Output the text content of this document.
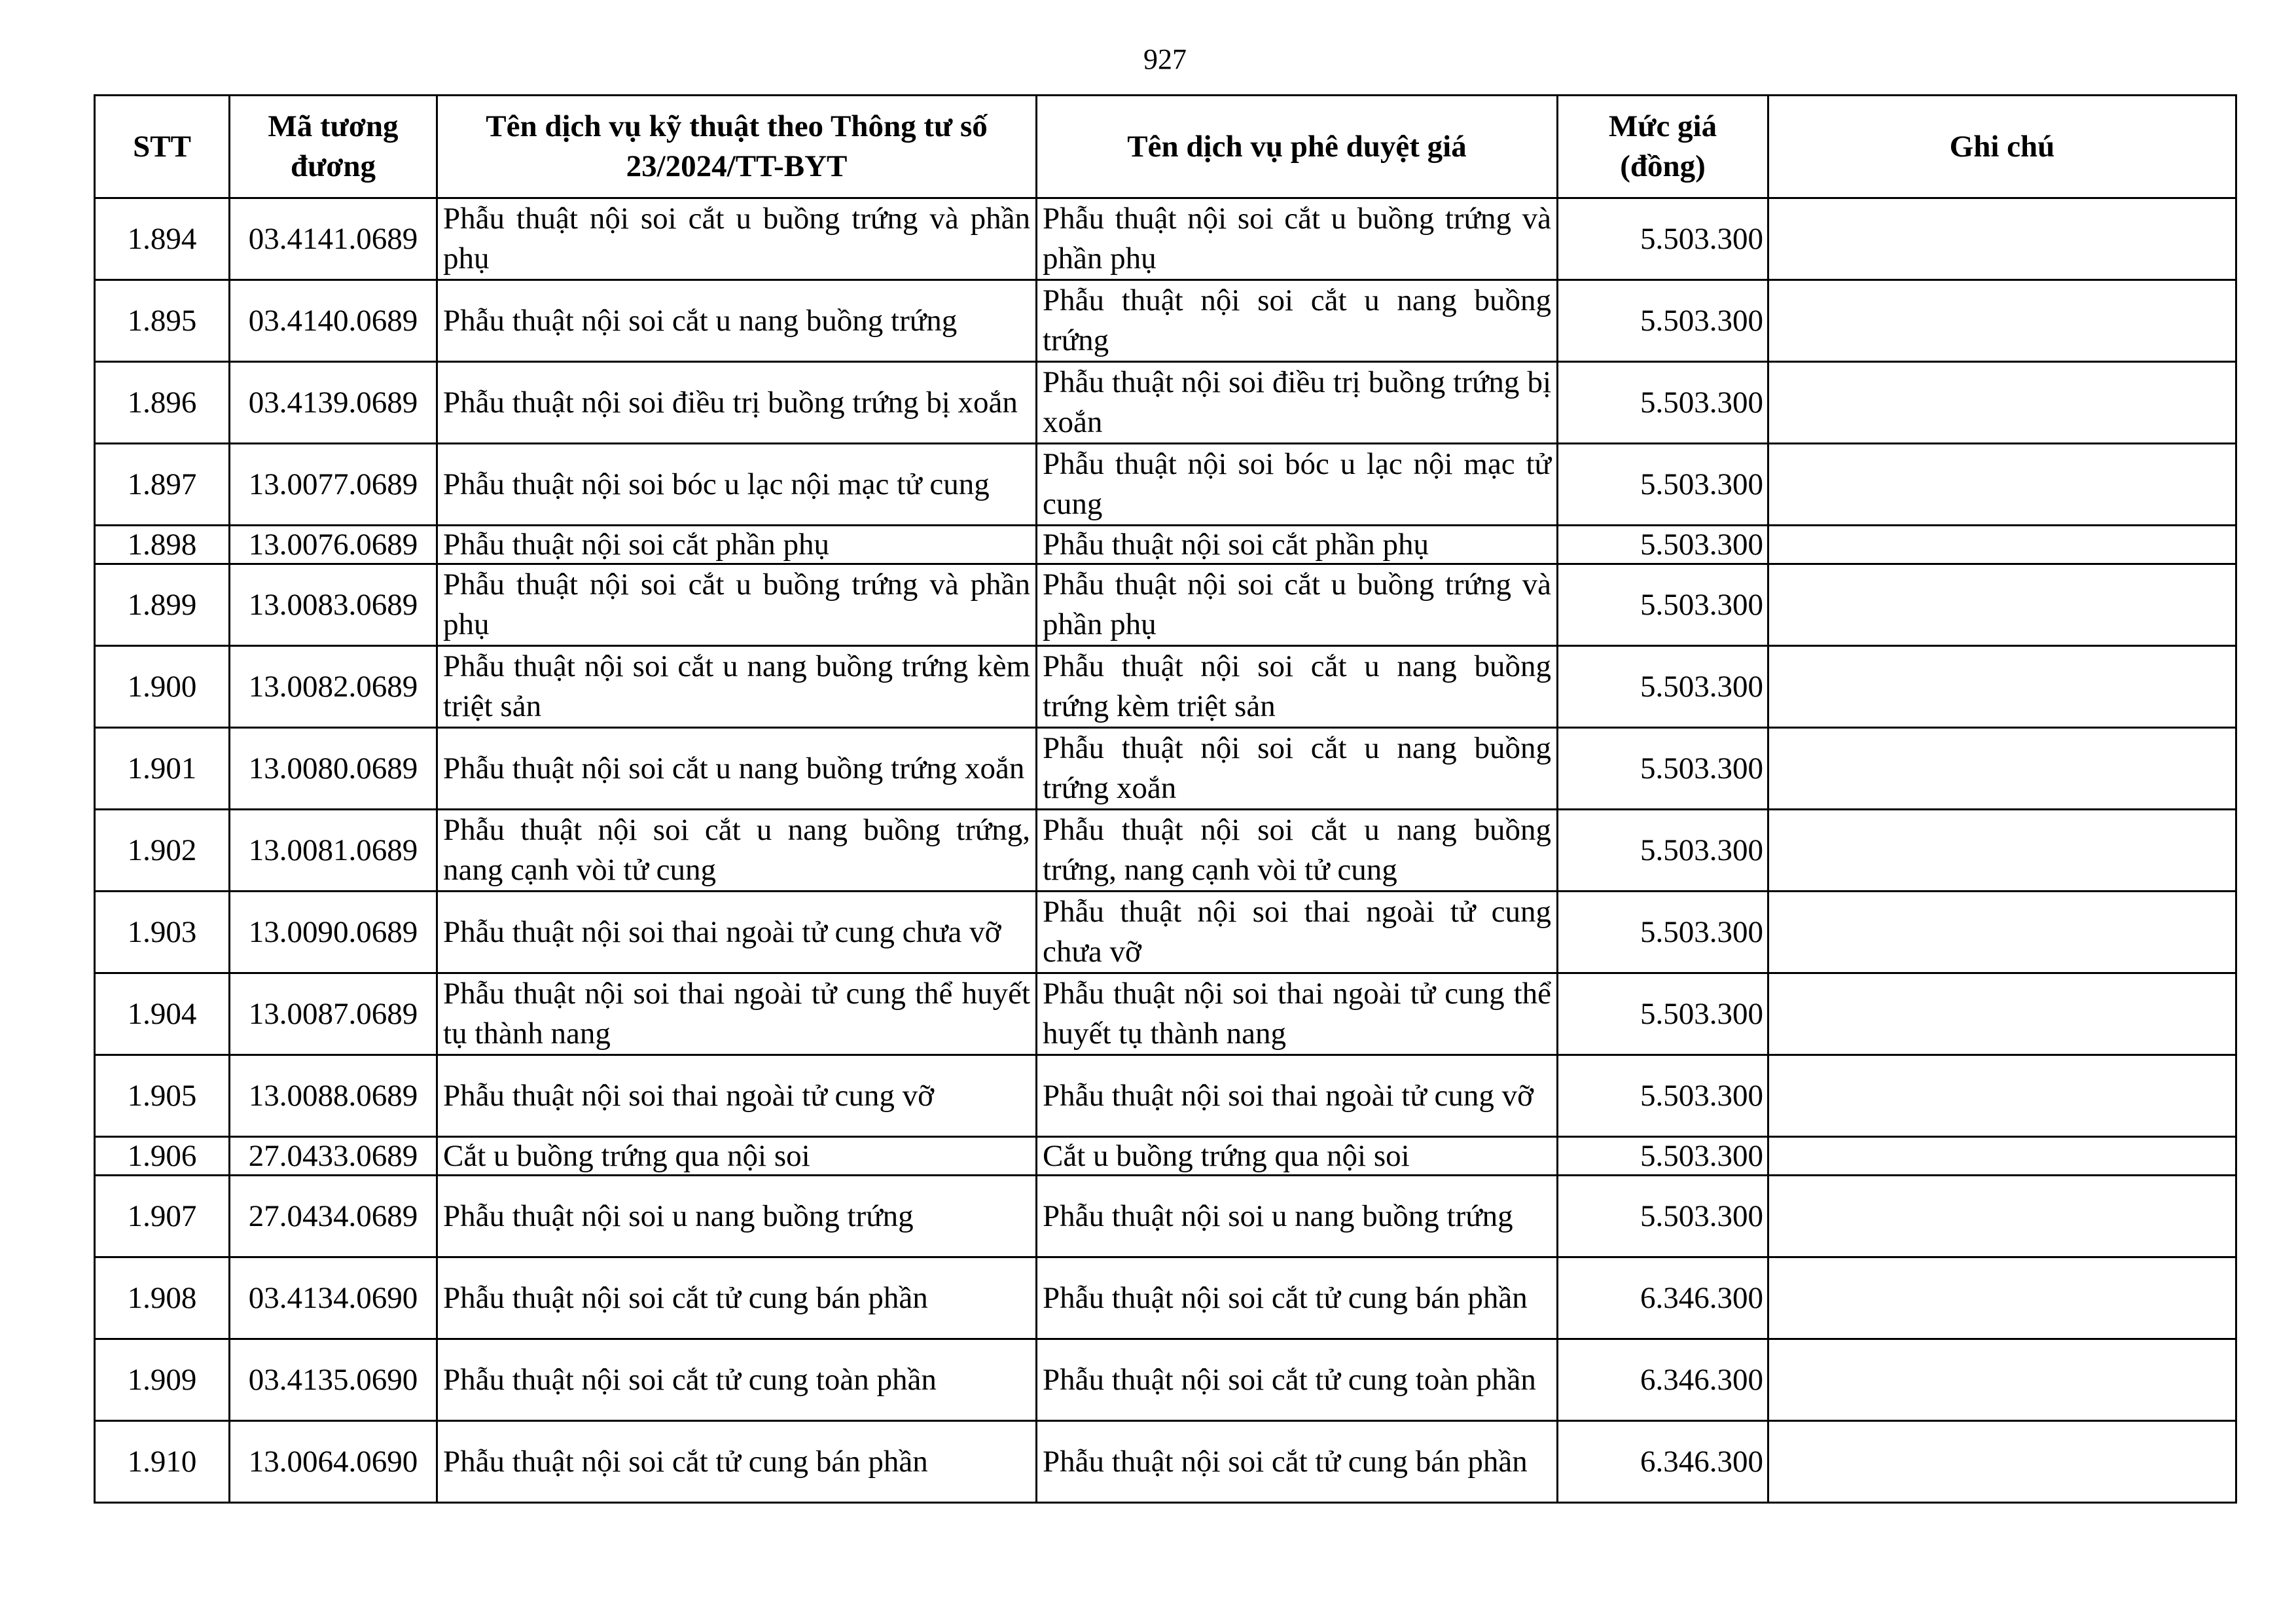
927
STT	Mã tương đương	Tên dịch vụ kỹ thuật theo Thông tư số 23/2024/TT-BYT	Tên dịch vụ phê duyệt giá	Mức giá (đồng)	Ghi chú
1.894	03.4141.0689	Phẫu thuật nội soi cắt u buồng trứng và phần phụ	Phẫu thuật nội soi cắt u buồng trứng và phần phụ	5.503.300	
1.895	03.4140.0689	Phẫu thuật nội soi cắt u nang buồng trứng	Phẫu thuật nội soi cắt u nang buồng trứng	5.503.300	
1.896	03.4139.0689	Phẫu thuật nội soi điều trị buồng trứng bị xoắn	Phẫu thuật nội soi điều trị buồng trứng bị xoắn	5.503.300	
1.897	13.0077.0689	Phẫu thuật nội soi bóc u lạc nội mạc tử cung	Phẫu thuật nội soi bóc u lạc nội mạc tử cung	5.503.300	
1.898	13.0076.0689	Phẫu thuật nội soi cắt phần phụ	Phẫu thuật nội soi cắt phần phụ	5.503.300	
1.899	13.0083.0689	Phẫu thuật nội soi cắt u buồng trứng và phần phụ	Phẫu thuật nội soi cắt u buồng trứng và phần phụ	5.503.300	
1.900	13.0082.0689	Phẫu thuật nội soi cắt u nang buồng trứng kèm triệt sản	Phẫu thuật nội soi cắt u nang buồng trứng kèm triệt sản	5.503.300	
1.901	13.0080.0689	Phẫu thuật nội soi cắt u nang buồng trứng xoắn	Phẫu thuật nội soi cắt u nang buồng trứng xoắn	5.503.300	
1.902	13.0081.0689	Phẫu thuật nội soi cắt u nang buồng trứng, nang cạnh vòi tử cung	Phẫu thuật nội soi cắt u nang buồng trứng, nang cạnh vòi tử cung	5.503.300	
1.903	13.0090.0689	Phẫu thuật nội soi thai ngoài tử cung chưa vỡ	Phẫu thuật nội soi thai ngoài tử cung chưa vỡ	5.503.300	
1.904	13.0087.0689	Phẫu thuật nội soi thai ngoài tử cung thể huyết tụ thành nang	Phẫu thuật nội soi thai ngoài tử cung thể huyết tụ thành nang	5.503.300	
1.905	13.0088.0689	Phẫu thuật nội soi thai ngoài tử cung vỡ	Phẫu thuật nội soi thai ngoài tử cung vỡ	5.503.300	
1.906	27.0433.0689	Cắt u buồng trứng qua nội soi	Cắt u buồng trứng qua nội soi	5.503.300	
1.907	27.0434.0689	Phẫu thuật nội soi u nang buồng trứng	Phẫu thuật nội soi u nang buồng trứng	5.503.300	
1.908	03.4134.0690	Phẫu thuật nội soi cắt tử cung bán phần	Phẫu thuật nội soi cắt tử cung bán phần	6.346.300	
1.909	03.4135.0690	Phẫu thuật nội soi cắt tử cung toàn phần	Phẫu thuật nội soi cắt tử cung toàn phần	6.346.300	
1.910	13.0064.0690	Phẫu thuật nội soi cắt tử cung bán phần	Phẫu thuật nội soi cắt tử cung bán phần	6.346.300	
